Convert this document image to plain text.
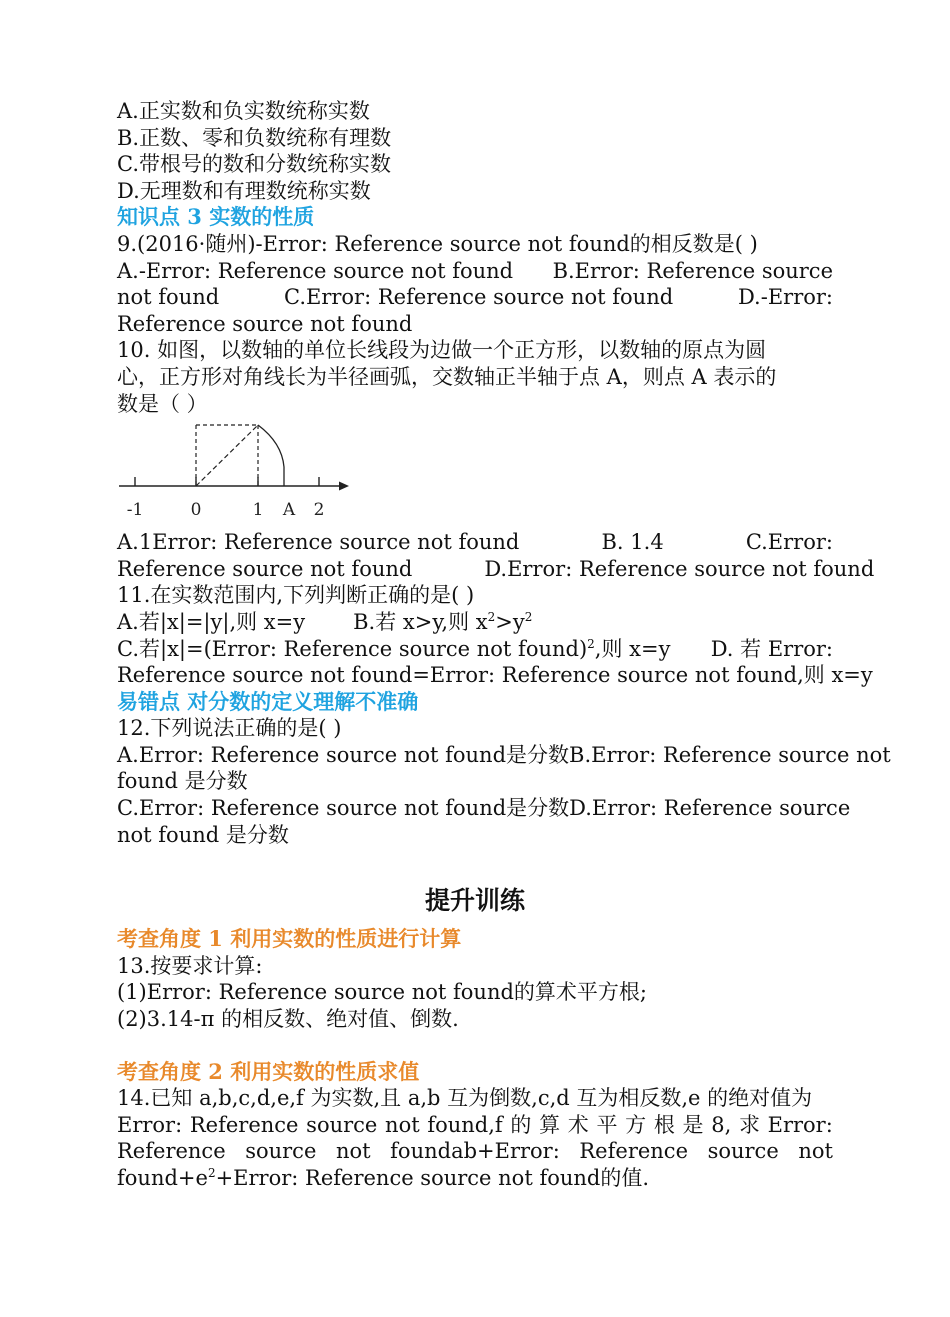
A.正实数和负实数统称实数
B.正数、零和负数统称有理数
C.带根号的数和分数统称实数
D.无理数和有理数统称实数
知识点 3 实数的性质
9.(2016·随州)-Error: Reference source not found的相反数是( )
A.-Error: Reference source not found B.Error: Reference source
not found	C.Error: Reference source not found	D.-Error:
Reference source not found
10. 如图，以数轴的单位长线段为边做一个正方形，以数轴的原点为圆
心，正方形对角线长为半径画弧，交数轴正半轴于点 A，则点 A 表示的
数是（ ）
-1	0	1 A 2
A.1Error: Reference source not found	B. 1.4	C.Error:
Reference source not found	D.Error: Reference source not found
11.在实数范围内,下列判断正确的是( )
A.若|x|=|y|,则 x=y B.若 x>y,则 $x^2>y^2$
C.若|x|=(Error: Reference source not found)$^2$,则 x=y D. 若 Error:
Reference source not found=Error: Reference source not found,则 x=y
易错点 对分数的定义理解不准确
12.下列说法正确的是( )
A.Error: Reference source not found是分数 B.Error: Reference source not
found 是分数
C.Error: Reference source not found是分数 D.Error: Reference source
not found 是分数
提升训练
考查角度 1 利用实数的性质进行计算
13.按要求计算:
(1)Error: Reference source not found的算术平方根;
(2)3.14-π 的相反数、绝对值、倒数.
考查角度 2 利用实数的性质求值
14.已知 a,b,c,d,e,f 为实数,且 a,b 互为倒数,c,d 互为相反数,e 的绝对值为
Error: Reference source not found,f 的 算 术 平 方 根 是 8, 求 Error:
Reference source not foundab+Error: Reference source not
$found+e^2+Error$: Reference source not found的值.
